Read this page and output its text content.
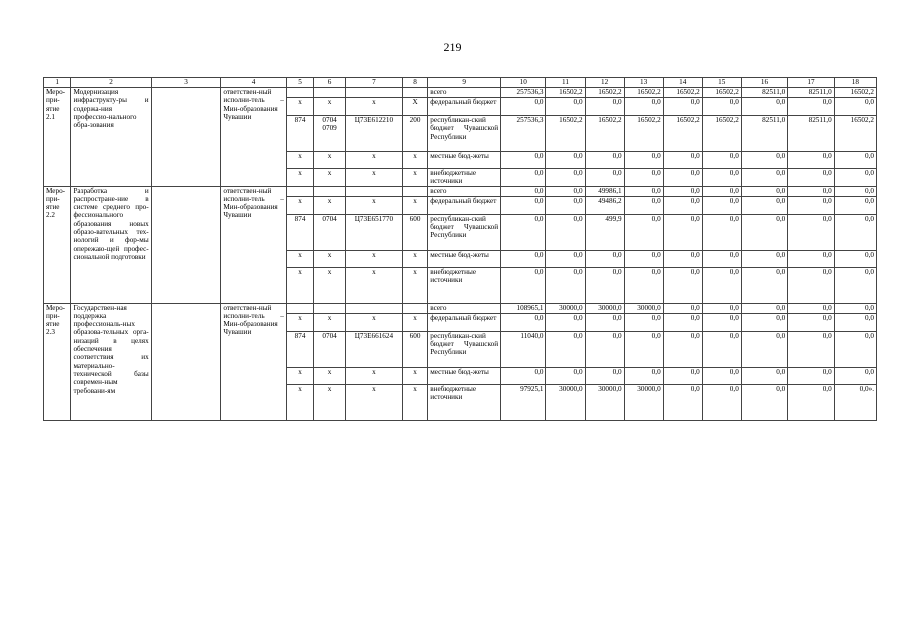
219
1	2	3	4	5	6	7	8	9	10	11	12	13	14	15	16	17	18
Меро-при-ятие 2.1	Модернизация инфраструкту-ры и содержа-ния профессио-нального обра-зования		ответствен-ный исполни-тель – Мин-образования Чувашии					всего	257536,3	16502,2	16502,2	16502,2	16502,2	16502,2	82511,0	82511,0	16502,2
				x	x	x	X	федеральный бюджет	0,0	0,0	0,0	0,0	0,0	0,0	0,0	0,0	0,0
				874	0704 0709	Ц73Е612210	200	республикан-ский бюджет Чувашской Республики	257536,3	16502,2	16502,2	16502,2	16502,2	16502,2	82511,0	82511,0	16502,2
				x	x	x	x	местные бюд-жеты	0,0	0,0	0,0	0,0	0,0	0,0	0,0	0,0	0,0
				x	x	x	x	внебюджетные источники	0,0	0,0	0,0	0,0	0,0	0,0	0,0	0,0	0,0
Меро-при-ятие 2.2	Разработка и распростране-ние в системе среднего про-фессионального образования новых образо-вательных тех-нологий и фор-мы опережаю-щей профес-сиональной подготовки		ответствен-ный исполни-тель – Мин-образования Чувашии					всего	0,0	0,0	49986,1	0,0	0,0	0,0	0,0	0,0	0,0
				x	x	x	x	федеральный бюджет	0,0	0,0	49486,2	0,0	0,0	0,0	0,0	0,0	0,0
				874	0704	Ц73Е651770	600	республикан-ский бюджет Чувашской Республики	0,0	0,0	499,9	0,0	0,0	0,0	0,0	0,0	0,0
				x	x	x	x	местные бюд-жеты	0,0	0,0	0,0	0,0	0,0	0,0	0,0	0,0	0,0
				x	x	x	x	внебюджетные источники	0,0	0,0	0,0	0,0	0,0	0,0	0,0	0,0	0,0
Меро-при-ятие 2.3	Государствен-ная поддержка профессиональ-ных образова-тельных орга-низаций в целях обеспечения соответствия их материально-технической базы современ-ным требовани-ям		ответствен-ный исполни-тель – Мин-образования Чувашии					всего	108965,1	30000,0	30000,0	30000,0	0,0	0,0	0,0	0,0	0,0
				x	x	x	x	федеральный бюджет	0,0	0,0	0,0	0,0	0,0	0,0	0,0	0,0	0,0
				874	0704	Ц73Е661624	600	республикан-ский бюджет Чувашской Республики	11040,0	0,0	0,0	0,0	0,0	0,0	0,0	0,0	0,0
				x	x	x	x	местные бюд-жеты	0,0	0,0	0,0	0,0	0,0	0,0	0,0	0,0	0,0
				x	x	x	x	внебюджетные источники	97925,1	30000,0	30000,0	30000,0	0,0	0,0	0,0	0,0	0,0».
